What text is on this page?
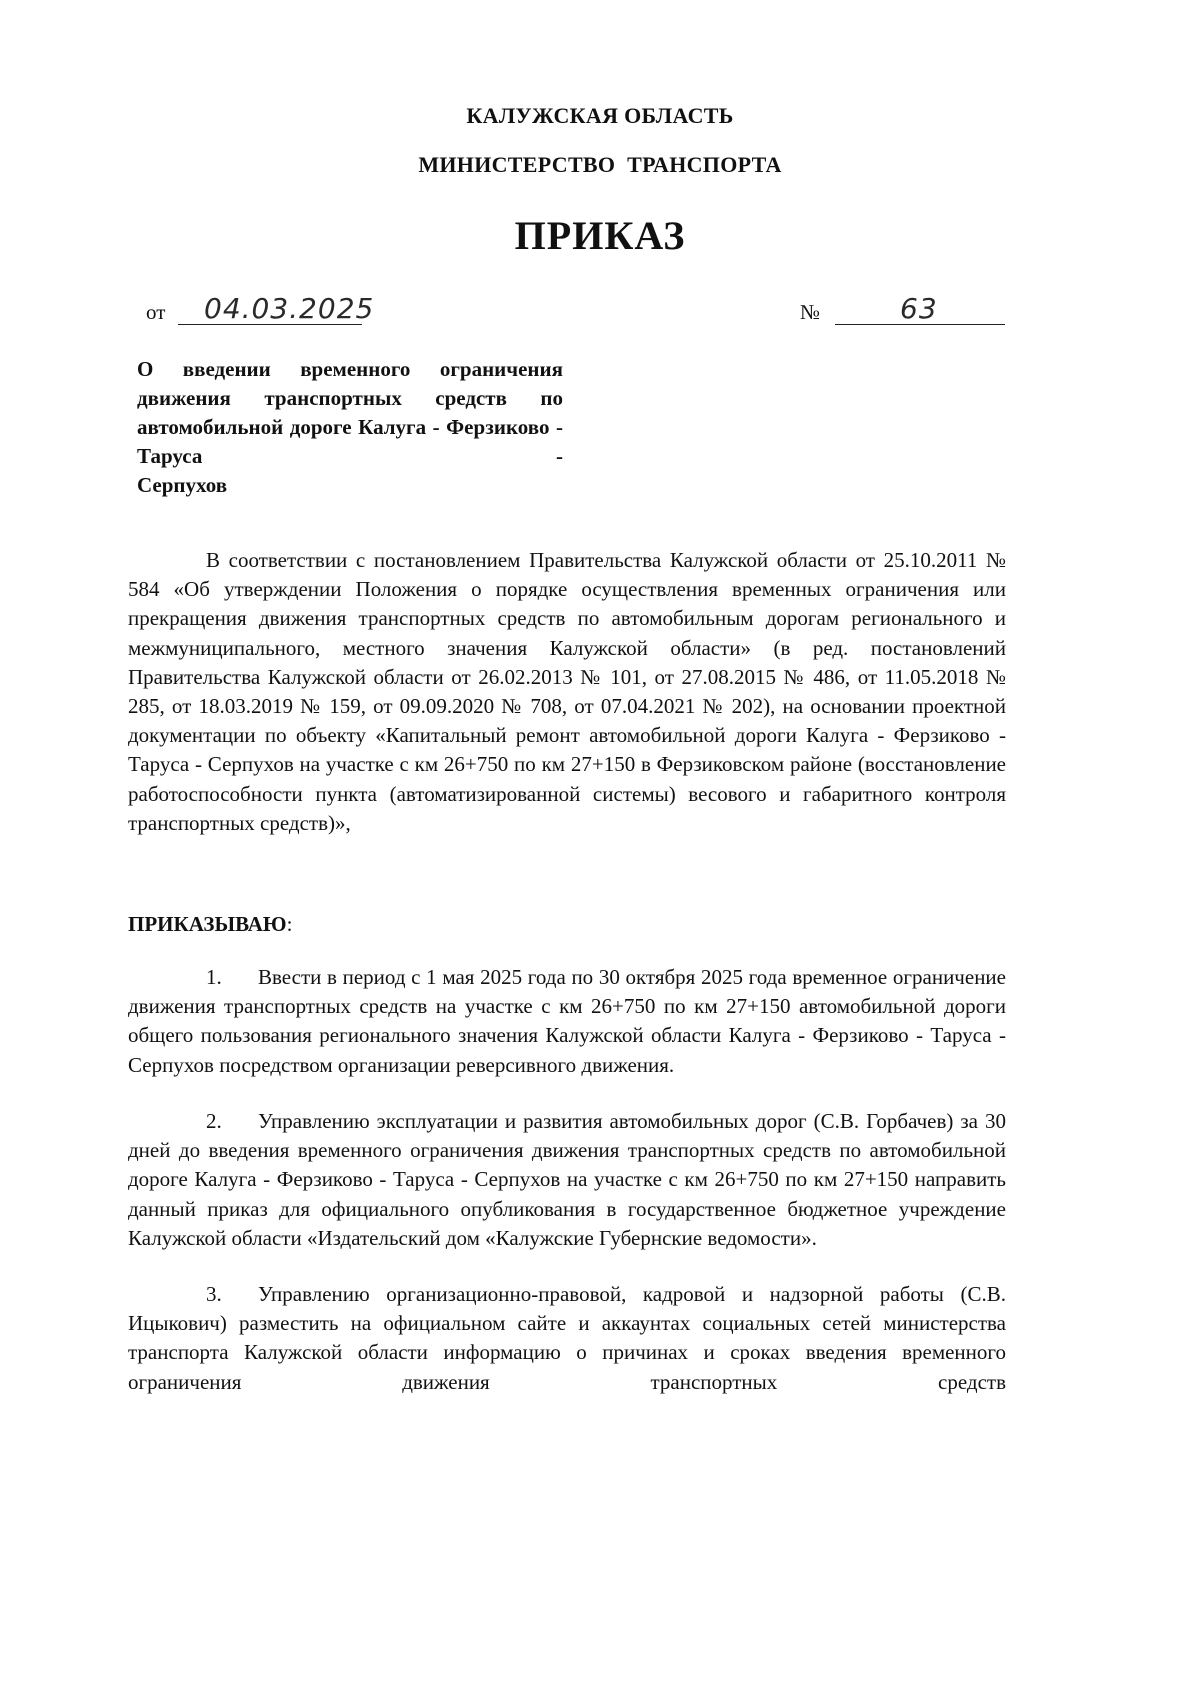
КАЛУЖСКАЯ ОБЛАСТЬ
МИНИСТЕРСТВО ТРАНСПОРТА
ПРИКАЗ
от 04.03.2025	№	63
О введении временного ограничения движения транспортных средств по автомобильной дороге Калуга - Ферзиково - Таруса -
Серпухов
В соответствии с постановлением Правительства Калужской области от 25.10.2011 № 584 «Об утверждении Положения о порядке осуществления временных ограничения или прекращения движения транспортных средств по автомобильным дорогам регионального и межмуниципального, местного значения Калужской области» (в ред. постановлений Правительства Калужской области от 26.02.2013 № 101, от 27.08.2015 № 486, от 11.05.2018 № 285, от 18.03.2019 № 159, от 09.09.2020 № 708, от 07.04.2021 № 202), на основании проектной документации по объекту «Капитальный ремонт автомобильной дороги Калуга - Ферзиково - Таруса - Серпухов на участке с км 26+750 по км 27+150 в Ферзиковском районе (восстановление работоспособности пункта (автоматизированной системы) весового и габаритного контроля транспортных средств)»,
ПРИКАЗЫВАЮ:
1. Ввести в период с 1 мая 2025 года по 30 октября 2025 года временное ограничение движения транспортных средств на участке с км 26+750 по км 27+150 автомобильной дороги общего пользования регионального значения Калужской области Калуга - Ферзиково - Таруса - Серпухов посредством организации реверсивного движения.
2. Управлению эксплуатации и развития автомобильных дорог (С.В. Горбачев) за 30 дней до введения временного ограничения движения транспортных средств по автомобильной дороге Калуга - Ферзиково - Таруса - Серпухов на участке с км 26+750 по км 27+150 направить данный приказ для официального опубликования в государственное бюджетное учреждение Калужской области «Издательский дом «Калужские Губернские ведомости».
3. Управлению организационно-правовой, кадровой и надзорной работы (С.В. Ицыкович) разместить на официальном сайте и аккаунтах социальных сетей министерства транспорта Калужской области информацию о причинах и сроках введения временного ограничения движения транспортных средств
